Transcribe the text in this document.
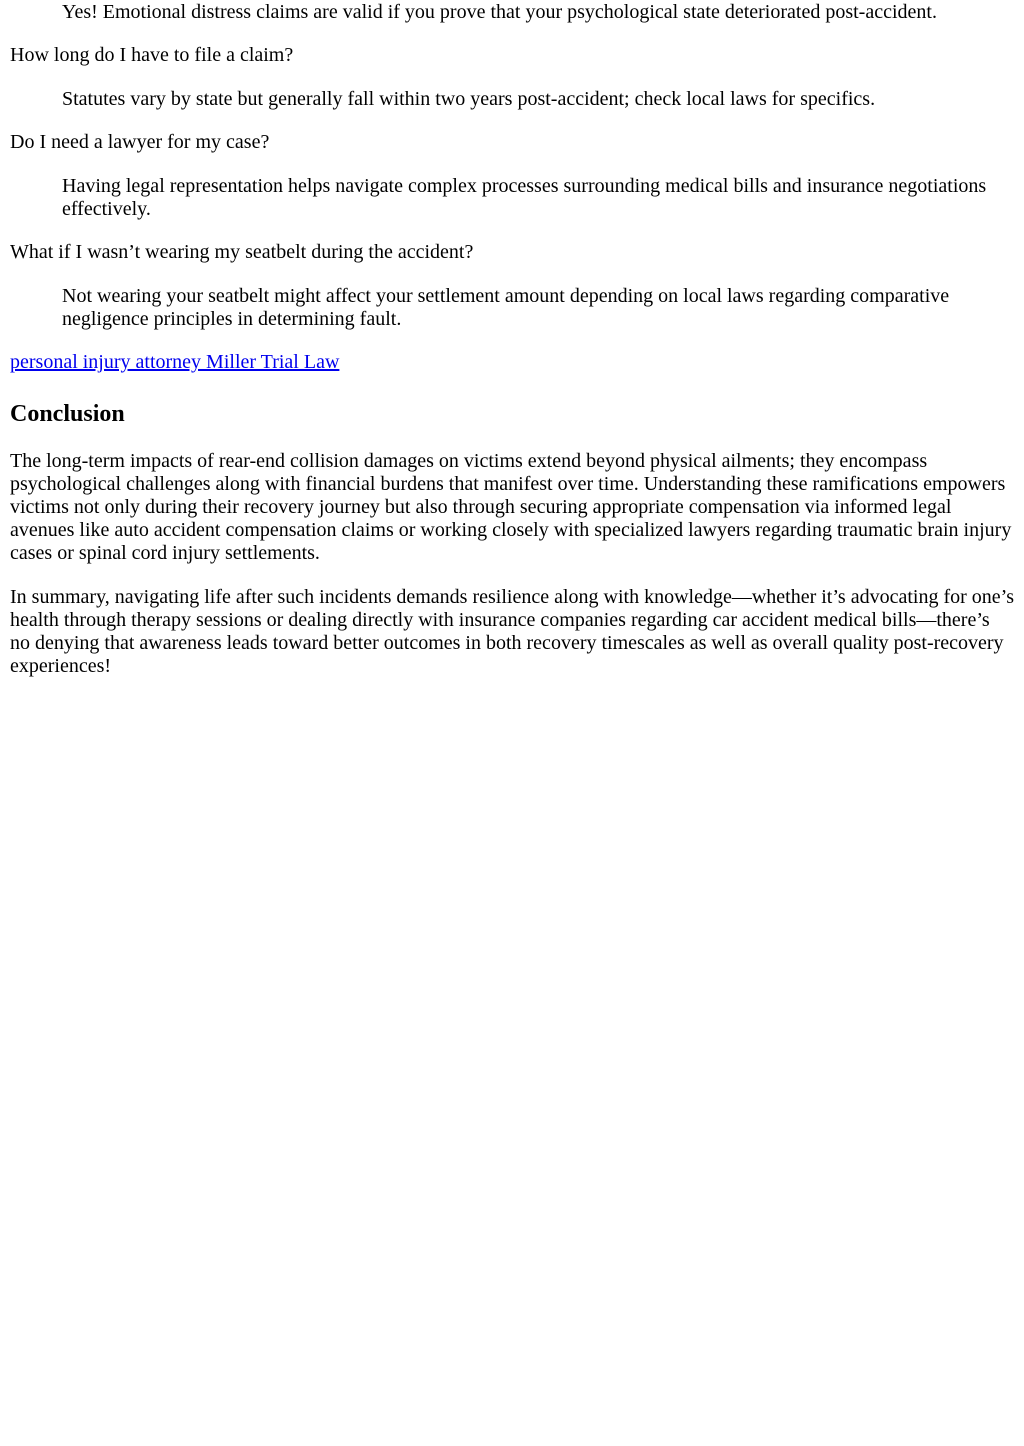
Yes! Emotional distress claims are valid if you prove that your psychological state deteriorated post-accident.

How long do I have to file a claim?

Statutes vary by state but generally fall within two years post-accident; check local laws for specifics.

Do I need a lawyer for my case?

Having legal representation helps navigate complex processes surrounding medical bills and insurance negotiations effectively.

What if I wasn’t wearing my seatbelt during the accident?

Not wearing your seatbelt might affect your settlement amount depending on local laws regarding comparative negligence principles in determining fault.

personal injury attorney Miller Trial Law

Conclusion

The long-term impacts of rear-end collision damages on victims extend beyond physical ailments; they encompass psychological challenges along with financial burdens that manifest over time. Understanding these ramifications empowers victims not only during their recovery journey but also through securing appropriate compensation via informed legal avenues like auto accident compensation claims or working closely with specialized lawyers regarding traumatic brain injury cases or spinal cord injury settlements.

In summary, navigating life after such incidents demands resilience along with knowledge—whether it’s advocating for one’s health through therapy sessions or dealing directly with insurance companies regarding car accident medical bills—there’s no denying that awareness leads toward better outcomes in both recovery timescales as well as overall quality post-recovery experiences!
